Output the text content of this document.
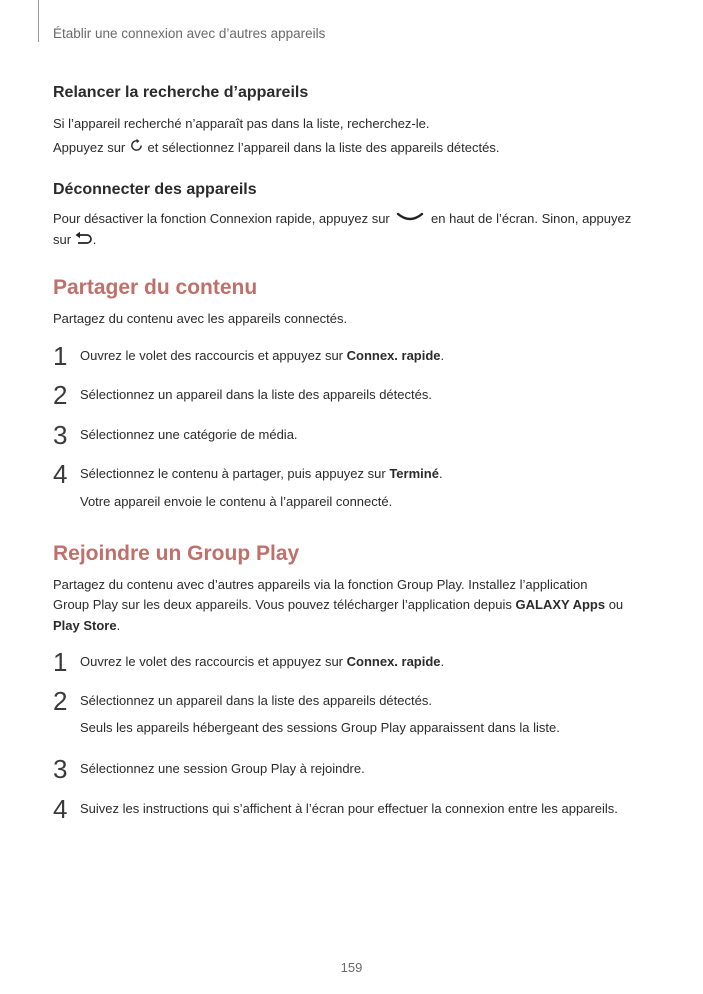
Établir une connexion avec d’autres appareils
Relancer la recherche d’appareils
Si l’appareil recherché n’apparaît pas dans la liste, recherchez-le.
Appuyez sur et sélectionnez l’appareil dans la liste des appareils détectés.
Déconnecter des appareils
Pour désactiver la fonction Connexion rapide, appuyez sur	en haut de l’écran. Sinon, appuyez
sur .
Partager du contenu
Partagez du contenu avec les appareils connectés.
1 Ouvrez le volet des raccourcis et appuyez sur Connex. rapide.
2 Sélectionnez un appareil dans la liste des appareils détectés.
3 Sélectionnez une catégorie de média.
4 Sélectionnez le contenu à partager, puis appuyez sur Terminé.
Votre appareil envoie le contenu à l’appareil connecté.
Rejoindre un Group Play
Partagez du contenu avec d’autres appareils via la fonction Group Play. Installez l’application
Group Play sur les deux appareils. Vous pouvez télécharger l’application depuis GALAXY Apps ou
Play Store.
1 Ouvrez le volet des raccourcis et appuyez sur Connex. rapide.
2 Sélectionnez un appareil dans la liste des appareils détectés.
Seuls les appareils hébergeant des sessions Group Play apparaissent dans la liste.
3 Sélectionnez une session Group Play à rejoindre.
4 Suivez les instructions qui s’affichent à l’écran pour effectuer la connexion entre les appareils.
159
